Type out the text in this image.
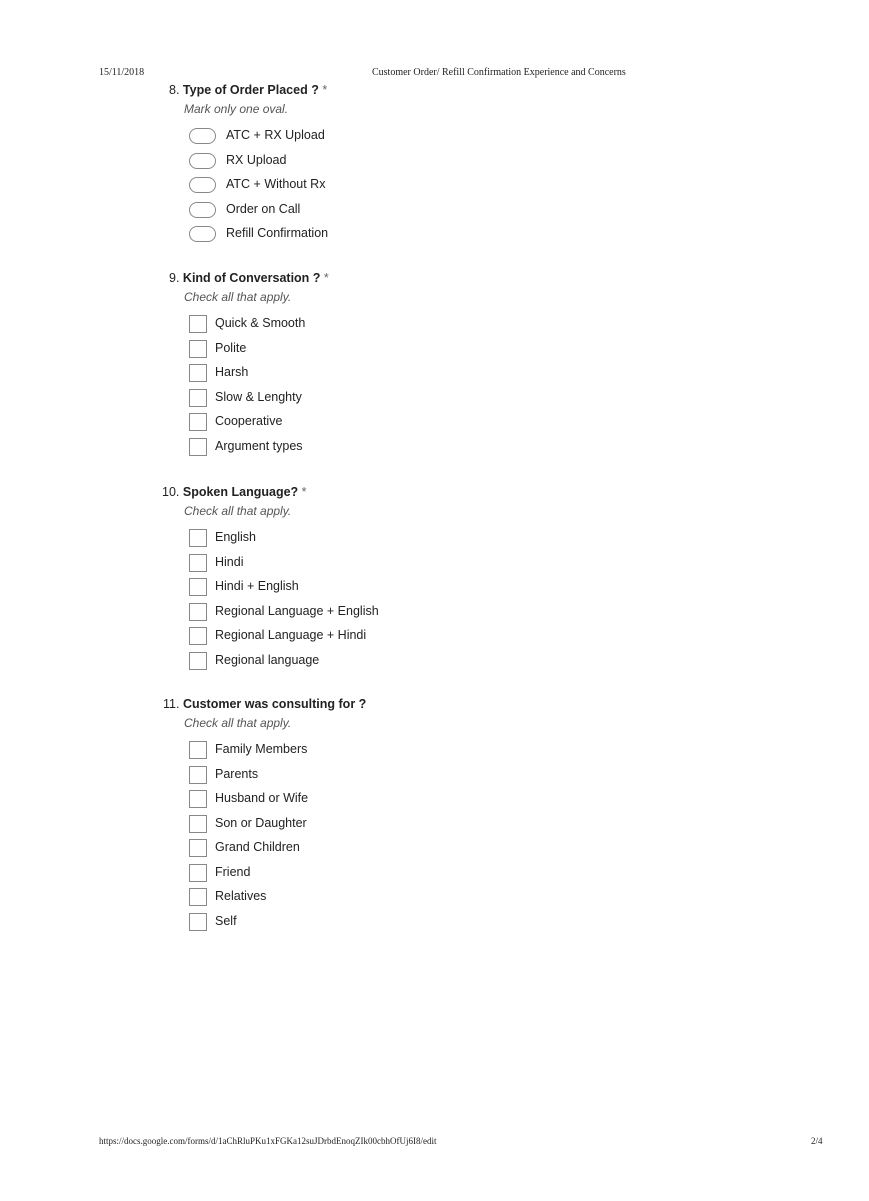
15/11/2018	Customer Order/ Refill Confirmation Experience and Concerns
8. Type of Order Placed ? *
Mark only one oval.
ATC + RX Upload
RX Upload
ATC + Without Rx
Order on Call
Refill Confirmation
9. Kind of Conversation ? *
Check all that apply.
Quick & Smooth
Polite
Harsh
Slow & Lenghty
Cooperative
Argument types
10. Spoken Language? *
Check all that apply.
English
Hindi
Hindi + English
Regional Language + English
Regional Language + Hindi
Regional language
11. Customer was consulting for ?
Check all that apply.
Family Members
Parents
Husband or Wife
Son or Daughter
Grand Children
Friend
Relatives
Self
https://docs.google.com/forms/d/1aChRluPKu1xFGKa12suJDrbdEnoqZIk00cbhOfUj6I8/edit	2/4
